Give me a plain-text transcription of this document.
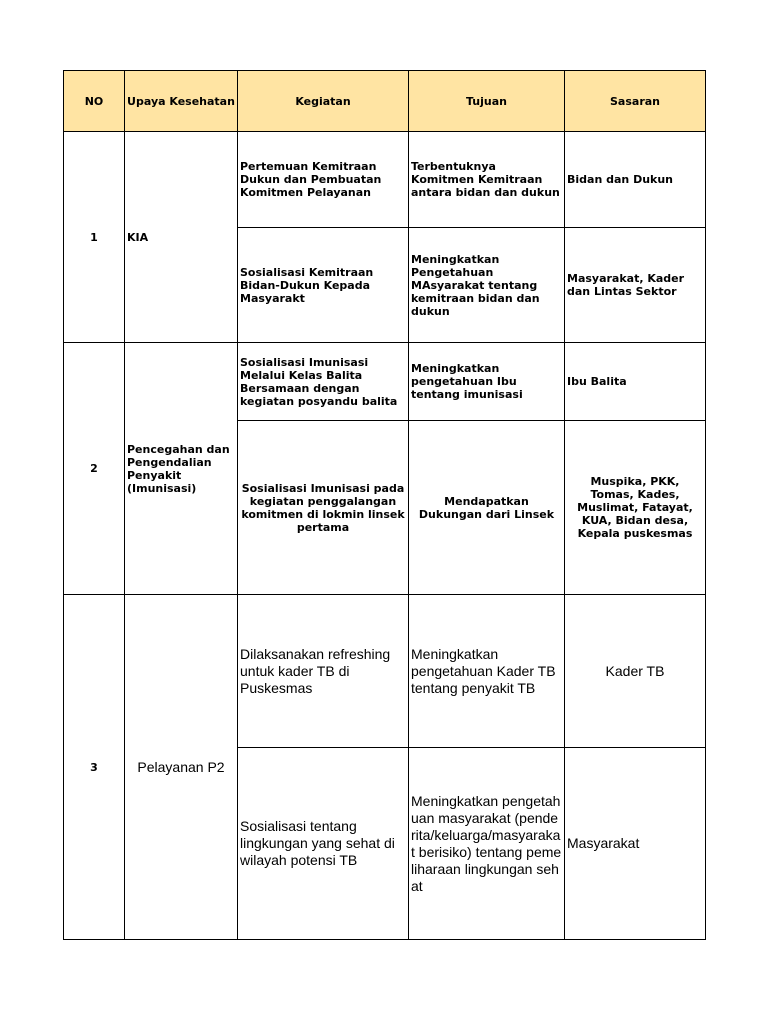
NO	Upaya Kesehatan	Kegiatan	Tujuan	Sasaran
1	KIA	Pertemuan Kemitraan Dukun dan Pembuatan Komitmen Pelayanan	Terbentuknya Komitmen Kemitraan antara bidan dan dukun	Bidan dan Dukun
		Sosialisasi Kemitraan Bidan-Dukun Kepada Masyarakt	Meningkatkan Pengetahuan MAsyarakat tentang kemitraan bidan dan dukun	Masyarakat, Kader dan Lintas Sektor
2	Pencegahan dan Pengendalian Penyakit (Imunisasi)	Sosialisasi Imunisasi Melalui Kelas Balita Bersamaan dengan kegiatan posyandu balita	Meningkatkan pengetahuan Ibu tentang imunisasi	Ibu Balita
		Sosialisasi Imunisasi pada kegiatan penggalangan komitmen di lokmin linsek pertama	Mendapatkan Dukungan dari Linsek	Muspika, PKK, Tomas, Kades, Muslimat, Fatayat, KUA, Bidan desa, Kepala puskesmas
3	Pelayanan P2	Dilaksanakan refreshing untuk kader TB di Puskesmas	Meningkatkan pengetahuan Kader TB tentang penyakit TB	Kader TB
		Sosialisasi tentang lingkungan yang sehat di wilayah potensi TB	Meningkatkan pengetahuan masyarakat (penderita/keluarga/masyarakat berisiko) tentang pemeliharaan lingkungan sehat	Masyarakat
